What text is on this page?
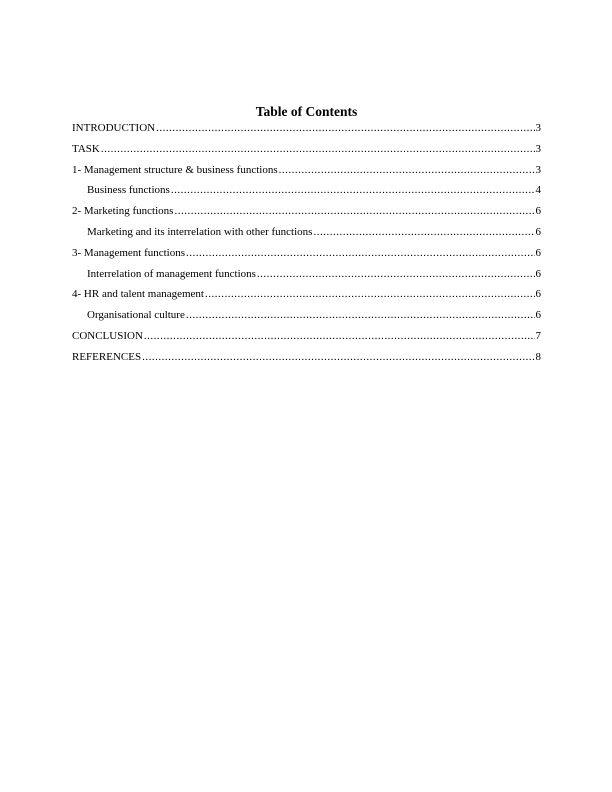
Table of Contents
INTRODUCTION .....	3
TASK .....	3
1- Management structure & business functions .....	3
Business functions .....	4
2- Marketing functions .....	6
Marketing and its interrelation with other functions .....	6
3- Management functions .....	6
Interrelation of management functions .....	6
4- HR and talent management .....	6
Organisational culture .....	6
CONCLUSION .....	7
REFERENCES .....	8
